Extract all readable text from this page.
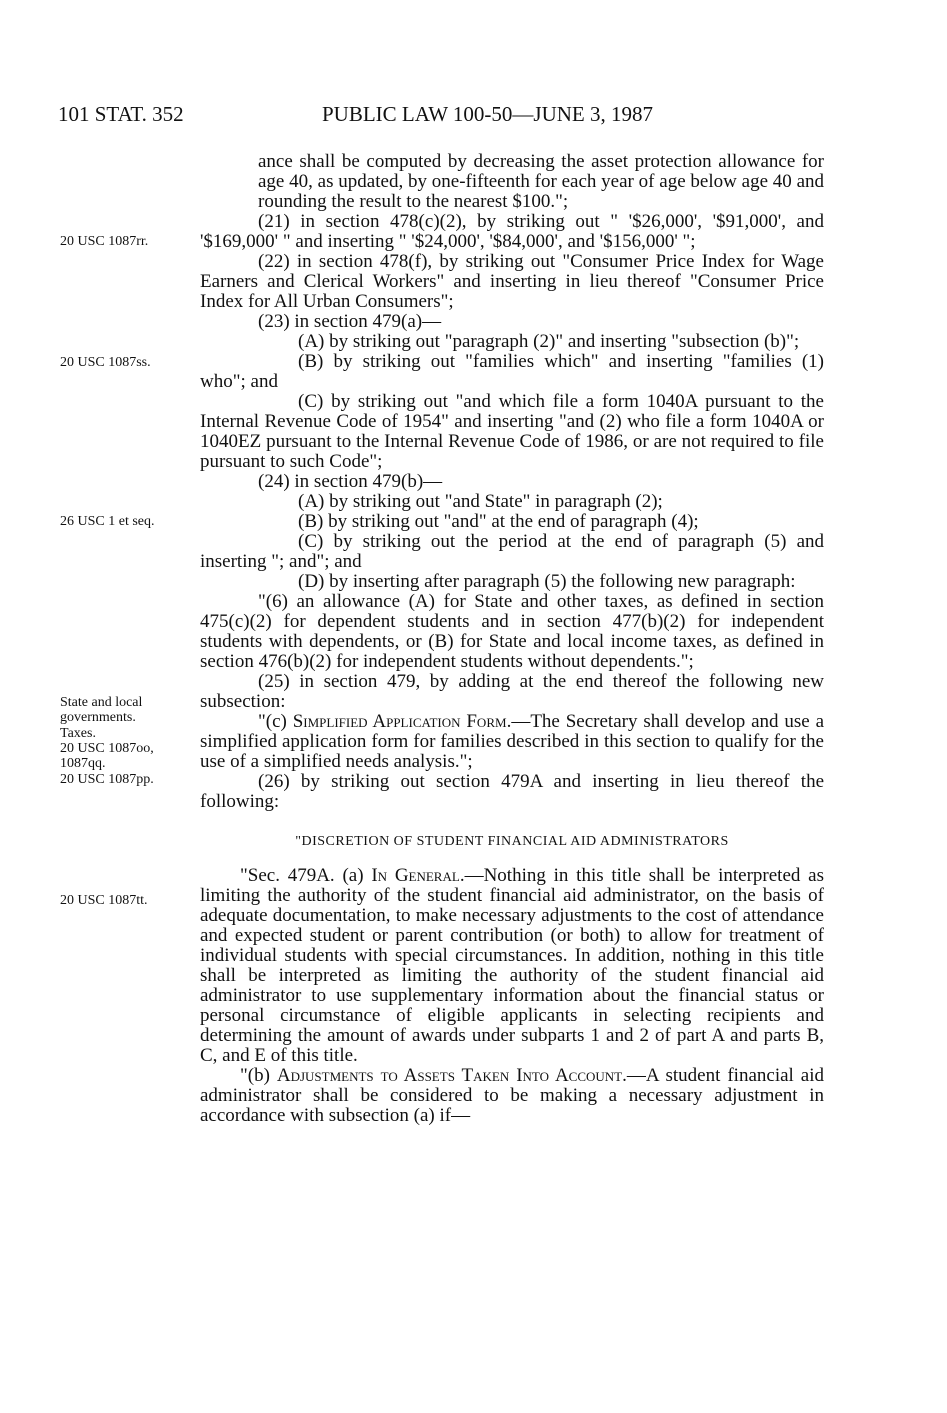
101 STAT. 352	PUBLIC LAW 100-50—JUNE 3, 1987
20 USC 1087rr.
20 USC 1087ss.
26 USC 1 et seq.
State and local governments.
Taxes.
20 USC 1087oo, 1087qq.
20 USC 1087pp.
20 USC 1087tt.

ance shall be computed by decreasing the asset protection allowance for age 40, as updated, by one-fifteenth for each year of age below age 40 and rounding the result to the nearest $100.";

(21) in section 478(c)(2), by striking out " '$26,000', '$91,000', and '$169,000' " and inserting " '$24,000', '$84,000', and '$156,000' ";

(22) in section 478(f), by striking out "Consumer Price Index for Wage Earners and Clerical Workers" and inserting in lieu thereof "Consumer Price Index for All Urban Consumers";

(23) in section 479(a)—

(A) by striking out "paragraph (2)" and inserting "subsection (b)";

(B) by striking out "families which" and inserting "families (1) who"; and

(C) by striking out "and which file a form 1040A pursuant to the Internal Revenue Code of 1954" and inserting "and (2) who file a form 1040A or 1040EZ pursuant to the Internal Revenue Code of 1986, or are not required to file pursuant to such Code";

(24) in section 479(b)—

(A) by striking out "and State" in paragraph (2);

(B) by striking out "and" at the end of paragraph (4);

(C) by striking out the period at the end of paragraph (5) and inserting "; and"; and

(D) by inserting after paragraph (5) the following new paragraph:

"(6) an allowance (A) for State and other taxes, as defined in section 475(c)(2) for dependent students and in section 477(b)(2) for independent students with dependents, or (B) for State and local income taxes, as defined in section 476(b)(2) for independent students without dependents.";

(25) in section 479, by adding at the end thereof the following new subsection:

"(c) Simplified Application Form.—The Secretary shall develop and use a simplified application form for families described in this section to qualify for the use of a simplified needs analysis.";

(26) by striking out section 479A and inserting in lieu thereof the following:

"DISCRETION OF STUDENT FINANCIAL AID ADMINISTRATORS

"Sec. 479A. (a) In General.—Nothing in this title shall be interpreted as limiting the authority of the student financial aid administrator, on the basis of adequate documentation, to make necessary adjustments to the cost of attendance and expected student or parent contribution (or both) to allow for treatment of individual students with special circumstances. In addition, nothing in this title shall be interpreted as limiting the authority of the student financial aid administrator to use supplementary information about the financial status or personal circumstance of eligible applicants in selecting recipients and determining the amount of awards under subparts 1 and 2 of part A and parts B, C, and E of this title.

"(b) Adjustments to Assets Taken Into Account.—A student financial aid administrator shall be considered to be making a necessary adjustment in accordance with subsection (a) if—
